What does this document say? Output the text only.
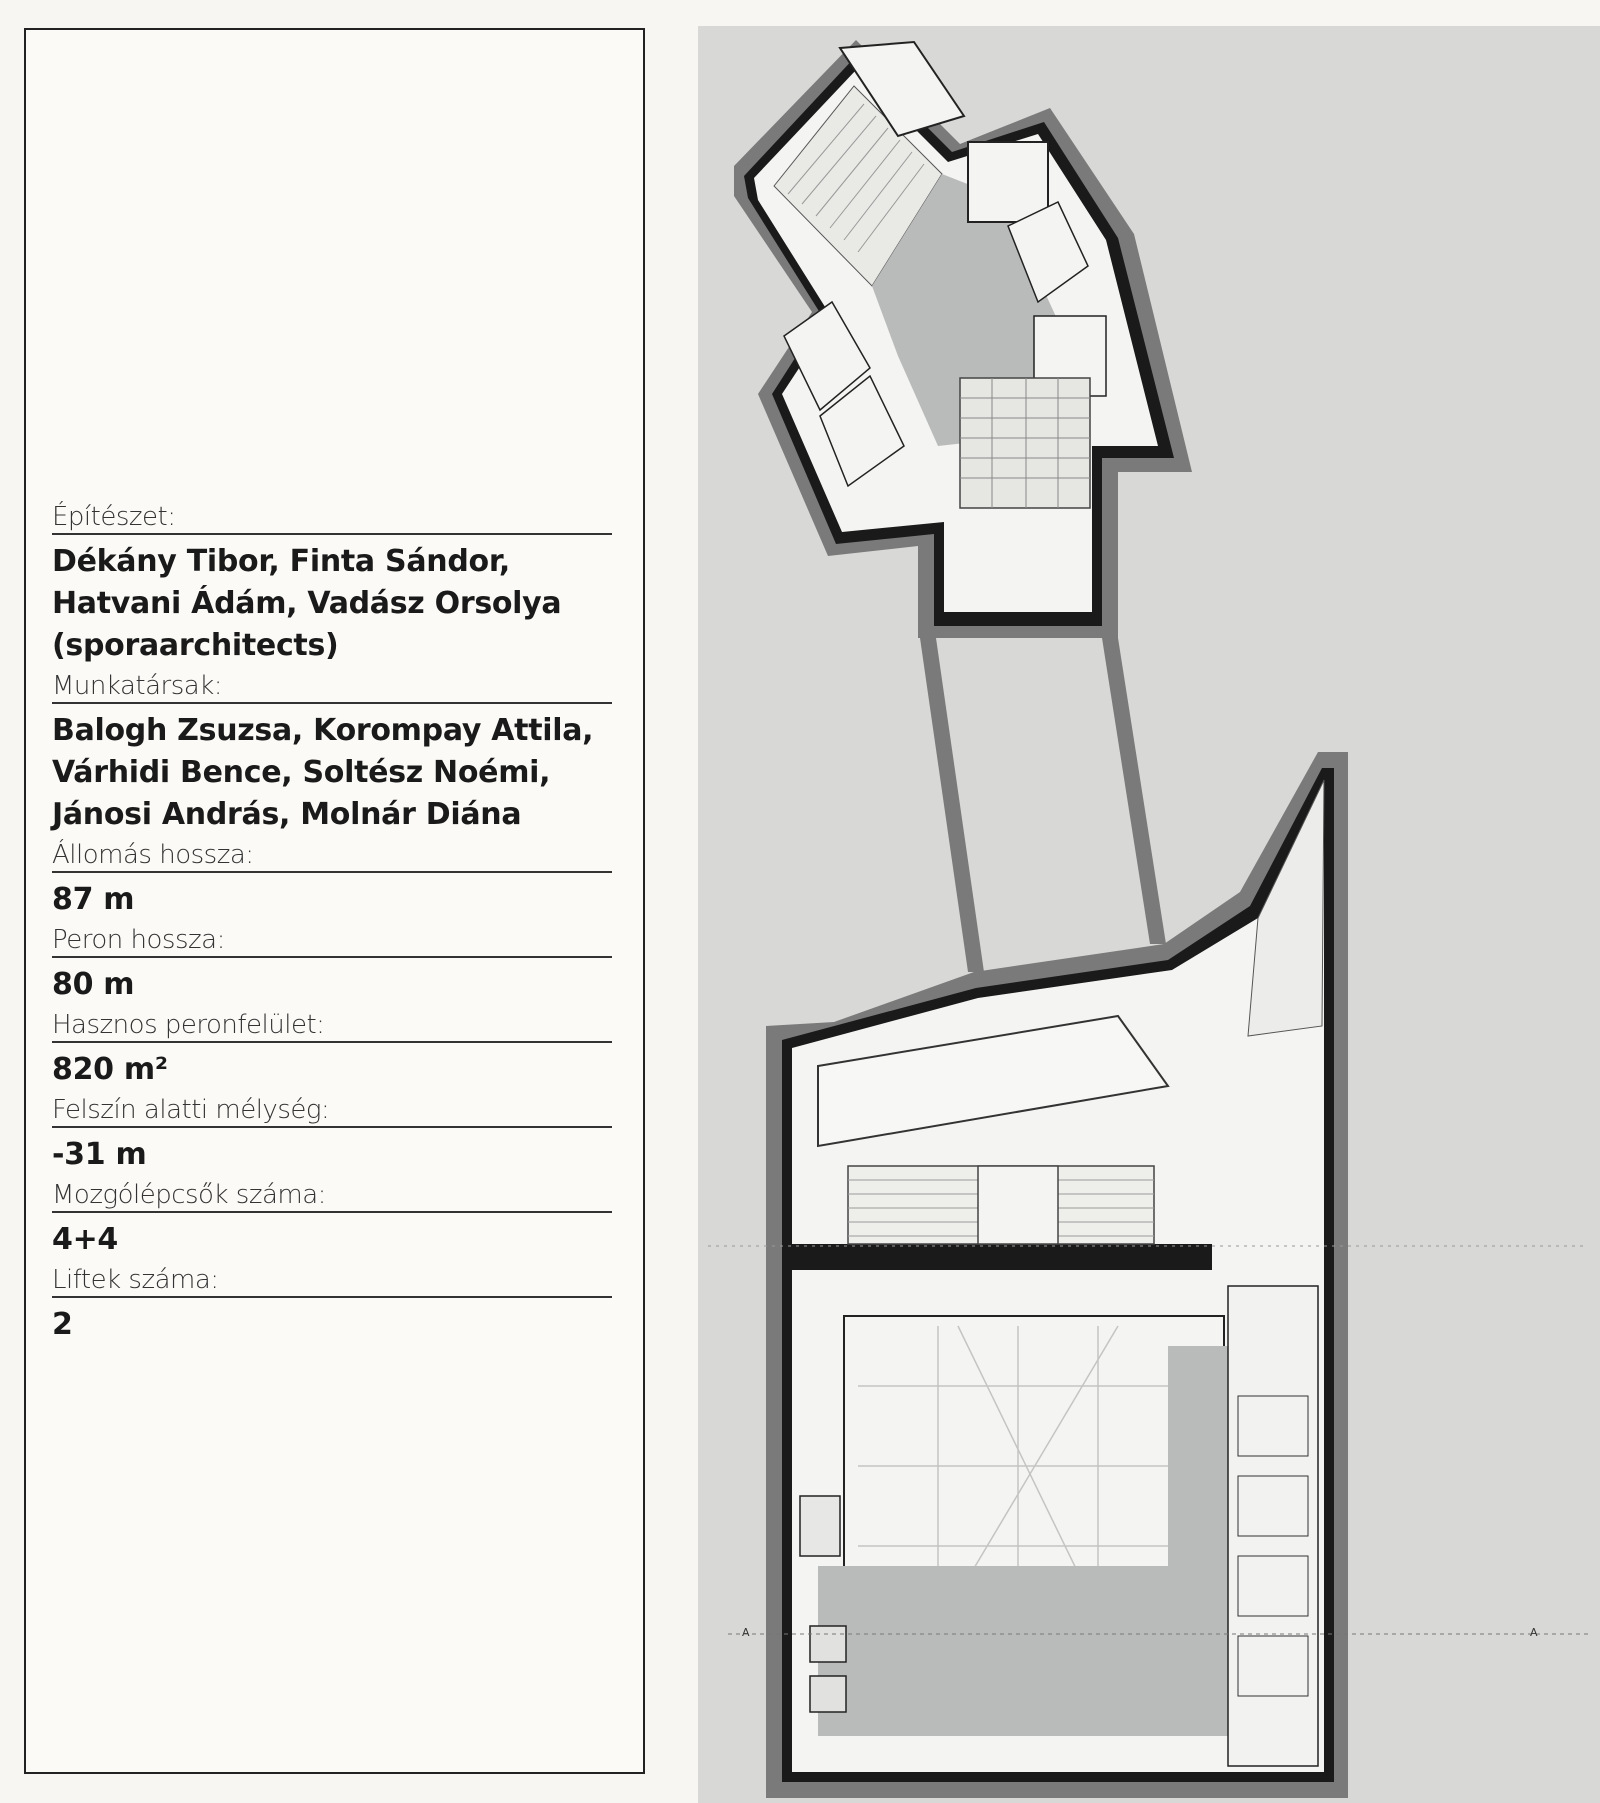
Építészet:
Dékány Tibor, Finta Sándor, Hatvani Ádám, Vadász Orsolya (sporaarchitects)
Munkatársak:
Balogh Zsuzsa, Korompay Attila, Várhidi Bence, Soltész Noémi, Jánosi András, Molnár Diána
Állomás hossza:
87 m
Peron hossza:
80 m
Hasznos peronfelület:
820 m²
Felszín alatti mélység:
-31 m
Mozgólépcsők száma:
4+4
Liftek száma:
2
A	A
